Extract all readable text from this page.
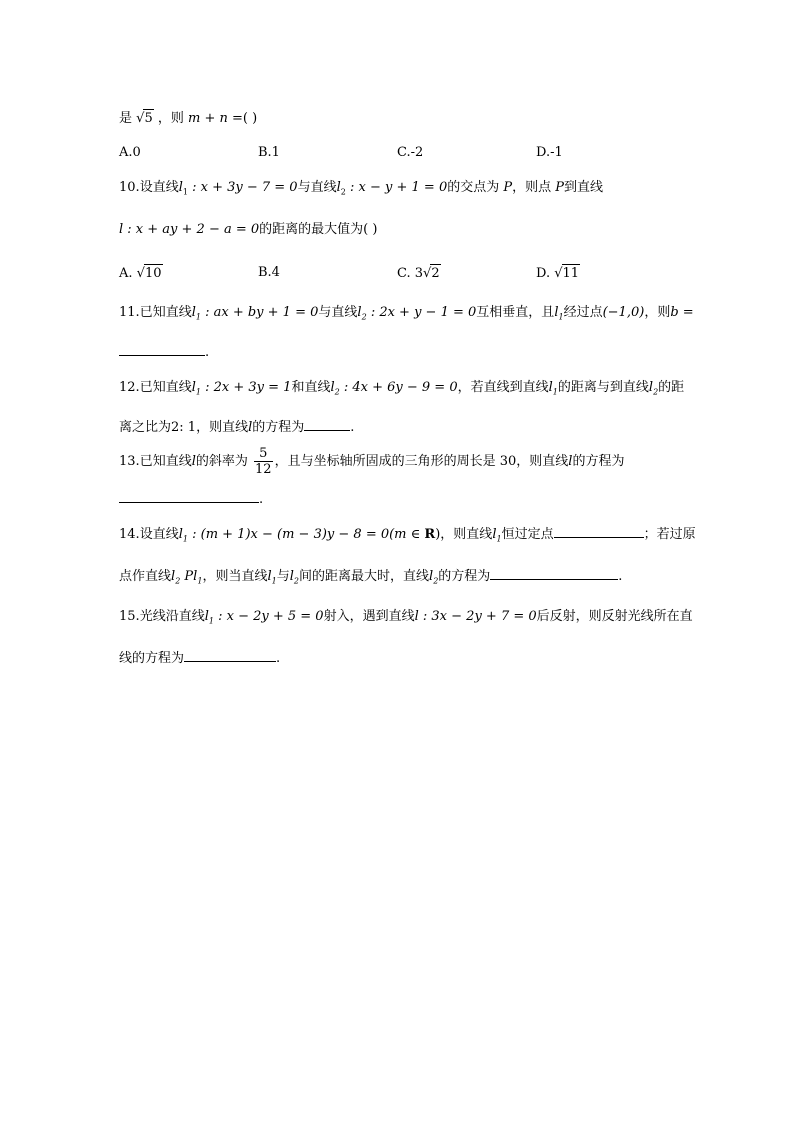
是 √5 ，则 m + n =( )
A.0	B.1	C.-2	D.-1
10.设直线$l_1$ : x + 3y − 7 = 0与直线$l_2$ : x − y + 1 = 0的交点为 P，则点 P到直线
l : x + ay + 2 − a = 0的距离的最大值为( )
A. √10	B.4	C. 3√2	D. √11
11.已知直线$l_1$ : ax + by + 1 = 0与直线$l_2$ : 2x + y − 1 = 0互相垂直，且$l_1$经过点(−1,0)，则b =
.
12.已知直线$l_1$ : 2x + 3y = 1和直线$l_2$ : 4x + 6y − 9 = 0，若直线到直线$l_1$的距离与到直线$l_2$的距
离之比为2: 1，则直线l的方程为	.
13.已知直线l的斜率为 $\frac{5}{12}$ ，且与坐标轴所固成的三角形的周长是 30，则直线l的方程为
.
14.设直线$l_1$ : (m + 1)x − (m − 3)y − 8 = 0(m ∈ R)，则直线$l_1$恒过定点	；若过原
点作直线$l_2$ $Pl_1$，则当直线$l_1$与$l_2$间的距离最大时，直线$l_2$的方程为	.
15.光线沿直线$l_1$ : x − 2y + 5 = 0射入，遇到直线l : 3x − 2y + 7 = 0后反射，则反射光线所在直
线的方程为	.
